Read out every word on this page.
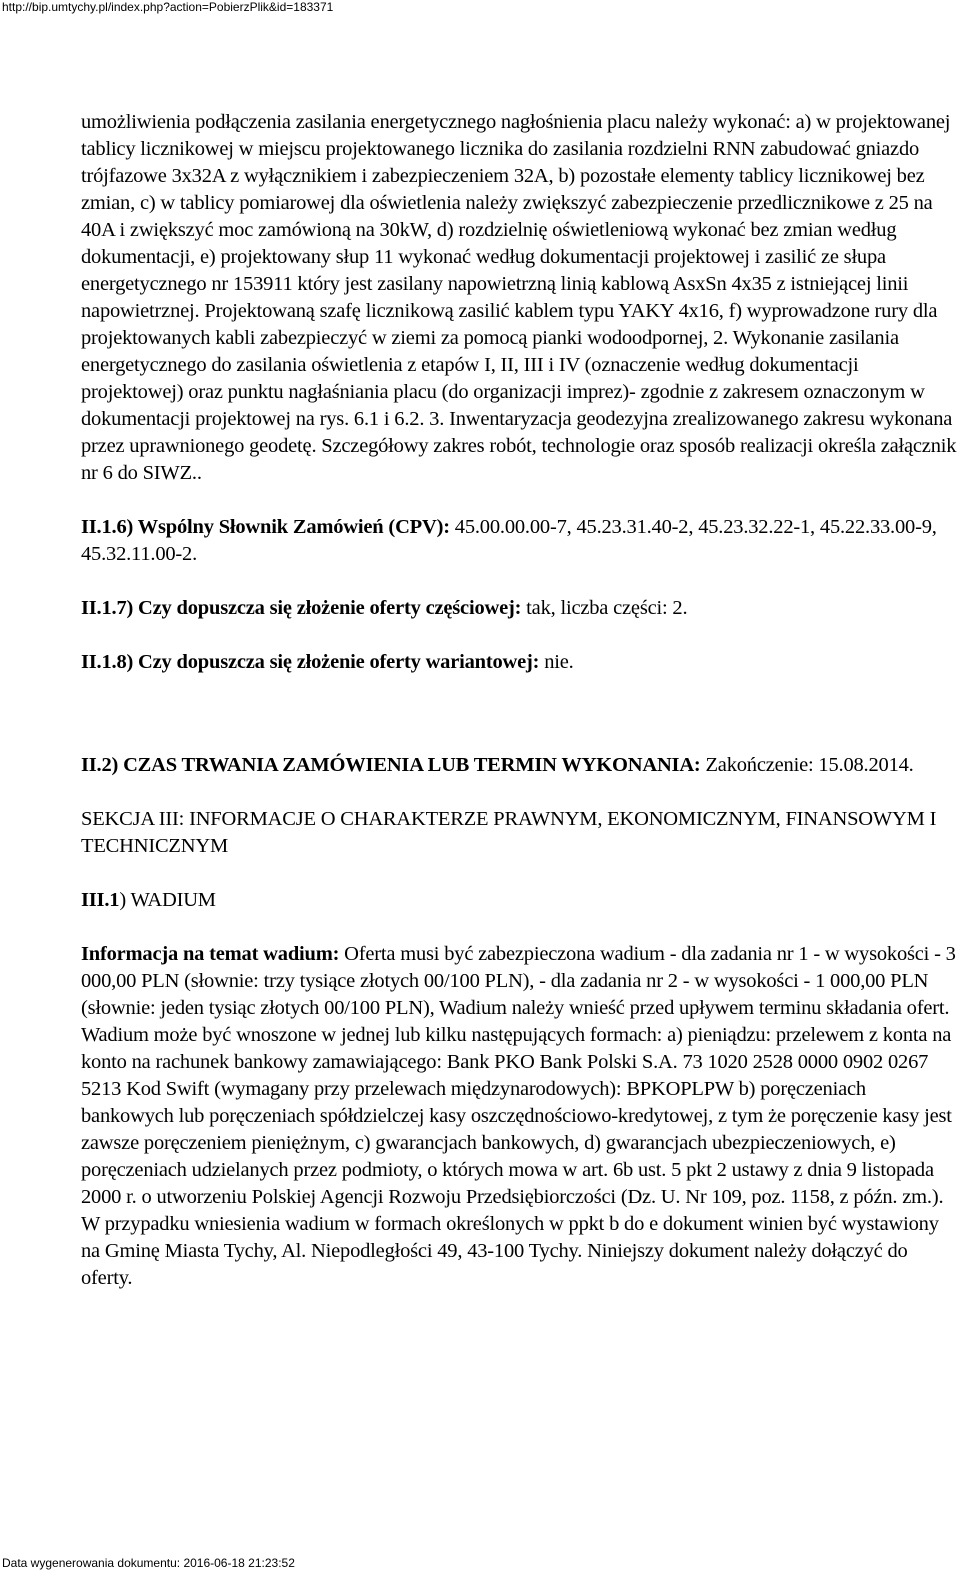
http://bip.umtychy.pl/index.php?action=PobierzPlik&id=183371

umożliwienia podłączenia zasilania energetycznego nagłośnienia placu należy wykonać: a) w projektowanej tablicy licznikowej w miejscu projektowanego licznika do zasilania rozdzielni RNN zabudować gniazdo trójfazowe 3x32A z wyłącznikiem i zabezpieczeniem 32A, b) pozostałe elementy tablicy licznikowej bez zmian, c) w tablicy pomiarowej dla oświetlenia należy zwiększyć zabezpieczenie przedlicznikowe z 25 na 40A i zwiększyć moc zamówioną na 30kW, d) rozdzielnię oświetleniową wykonać bez zmian według dokumentacji, e) projektowany słup 11 wykonać według dokumentacji projektowej i zasilić ze słupa energetycznego nr 153911 który jest zasilany napowietrzną linią kablową AsxSn 4x35 z istniejącej linii napowietrznej. Projektowaną szafę licznikową zasilić kablem typu YAKY 4x16, f) wyprowadzone rury dla projektowanych kabli zabezpieczyć w ziemi za pomocą pianki wodoodpornej, 2. Wykonanie zasilania energetycznego do zasilania oświetlenia z etapów I, II, III i IV (oznaczenie według dokumentacji projektowej) oraz punktu nagłaśniania placu (do organizacji imprez)- zgodnie z zakresem oznaczonym w dokumentacji projektowej na rys. 6.1 i 6.2. 3. Inwentaryzacja geodezyjna zrealizowanego zakresu wykonana przez uprawnionego geodetę. Szczegółowy zakres robót, technologie oraz sposób realizacji określa załącznik nr 6 do SIWZ..

II.1.6) Wspólny Słownik Zamówień (CPV): 45.00.00.00-7, 45.23.31.40-2, 45.23.32.22-1, 45.22.33.00-9, 45.32.11.00-2.

II.1.7) Czy dopuszcza się złożenie oferty częściowej: tak, liczba części: 2.

II.1.8) Czy dopuszcza się złożenie oferty wariantowej: nie.

II.2) CZAS TRWANIA ZAMÓWIENIA LUB TERMIN WYKONANIA: Zakończenie: 15.08.2014.

SEKCJA III: INFORMACJE O CHARAKTERZE PRAWNYM, EKONOMICZNYM, FINANSOWYM I TECHNICZNYM

III.1) WADIUM

Informacja na temat wadium: Oferta musi być zabezpieczona wadium - dla zadania nr 1 - w wysokości - 3 000,00 PLN (słownie: trzy tysiące złotych 00/100 PLN), - dla zadania nr 2 - w wysokości - 1 000,00 PLN (słownie: jeden tysiąc złotych 00/100 PLN), Wadium należy wnieść przed upływem terminu składania ofert. Wadium może być wnoszone w jednej lub kilku następujących formach: a) pieniądzu: przelewem z konta na konto na rachunek bankowy zamawiającego: Bank PKO Bank Polski S.A. 73 1020 2528 0000 0902 0267 5213 Kod Swift (wymagany przy przelewach międzynarodowych): BPKOPLPW b) poręczeniach bankowych lub poręczeniach spółdzielczej kasy oszczędnościowo-kredytowej, z tym że poręczenie kasy jest zawsze poręczeniem pieniężnym, c) gwarancjach bankowych, d) gwarancjach ubezpieczeniowych, e) poręczeniach udzielanych przez podmioty, o których mowa w art. 6b ust. 5 pkt 2 ustawy z dnia 9 listopada 2000 r. o utworzeniu Polskiej Agencji Rozwoju Przedsiębiorczości (Dz. U. Nr 109, poz. 1158, z późn. zm.). W przypadku wniesienia wadium w formach określonych w ppkt b do e dokument winien być wystawiony na Gminę Miasta Tychy, Al. Niepodległości 49, 43-100 Tychy. Niniejszy dokument należy dołączyć do oferty.

Data wygenerowania dokumentu: 2016-06-18 21:23:52
